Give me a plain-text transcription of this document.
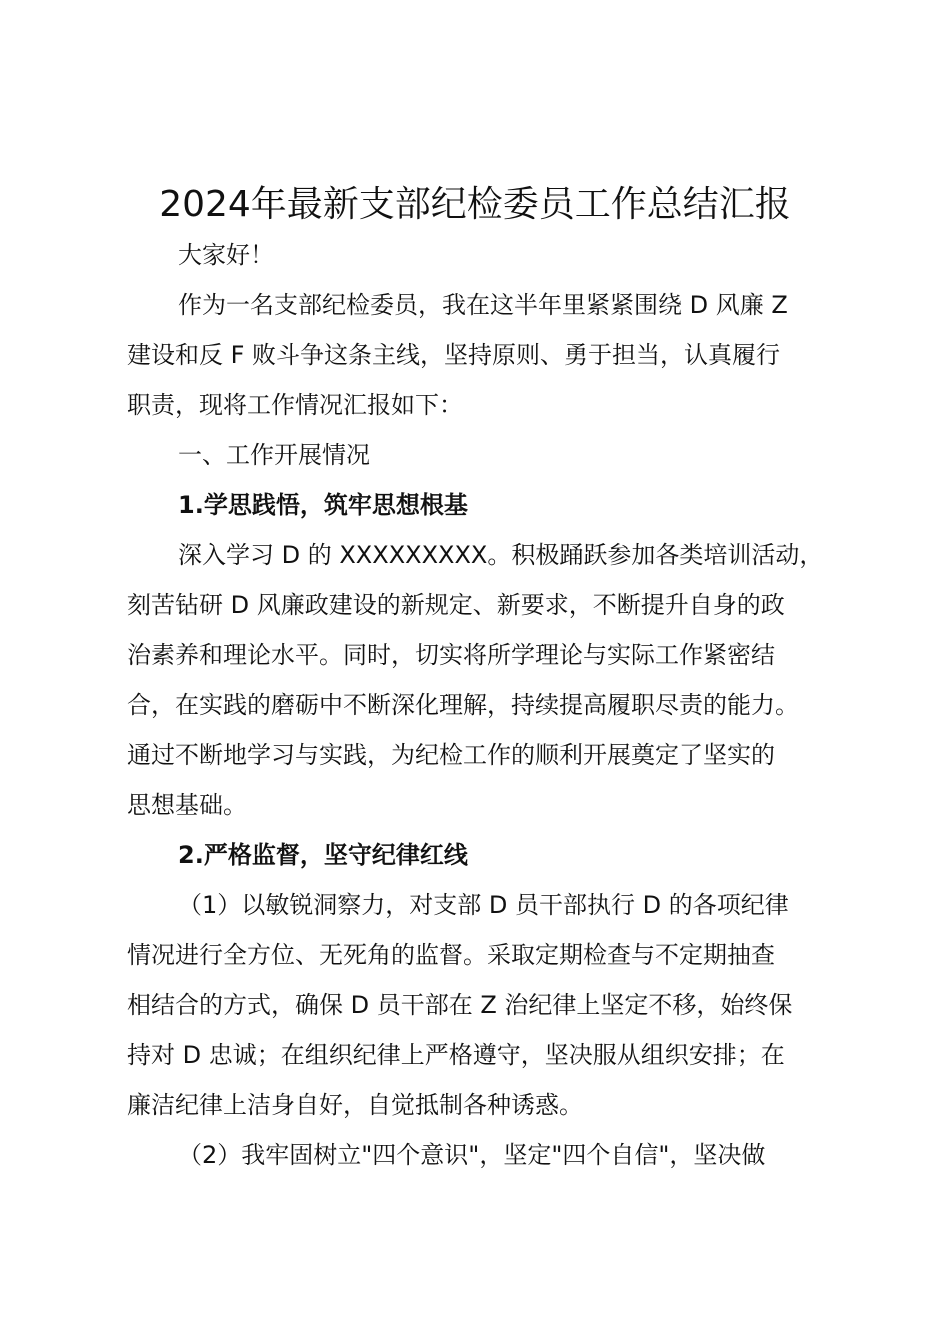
2024年最新支部纪检委员工作总结汇报
大家好！
作为一名支部纪检委员，我在这半年里紧紧围绕 D 风廉 Z
建设和反 F 败斗争这条主线，坚持原则、勇于担当，认真履行
职责，现将工作情况汇报如下：
一、工作开展情况
1.学思践悟，筑牢思想根基
深入学习 D 的 XXXXXXXXX。积极踊跃参加各类培训活动，
刻苦钻研 D 风廉政建设的新规定、新要求，不断提升自身的政
治素养和理论水平。同时，切实将所学理论与实际工作紧密结
合，在实践的磨砺中不断深化理解，持续提高履职尽责的能力。
通过不断地学习与实践，为纪检工作的顺利开展奠定了坚实的
思想基础。
2.严格监督，坚守纪律红线
（1）以敏锐洞察力，对支部 D 员干部执行 D 的各项纪律
情况进行全方位、无死角的监督。采取定期检查与不定期抽查
相结合的方式，确保 D 员干部在 Z 治纪律上坚定不移，始终保
持对 D 忠诚；在组织纪律上严格遵守，坚决服从组织安排；在
廉洁纪律上洁身自好，自觉抵制各种诱惑。
（2）我牢固树立"四个意识"，坚定"四个自信"，坚决做
